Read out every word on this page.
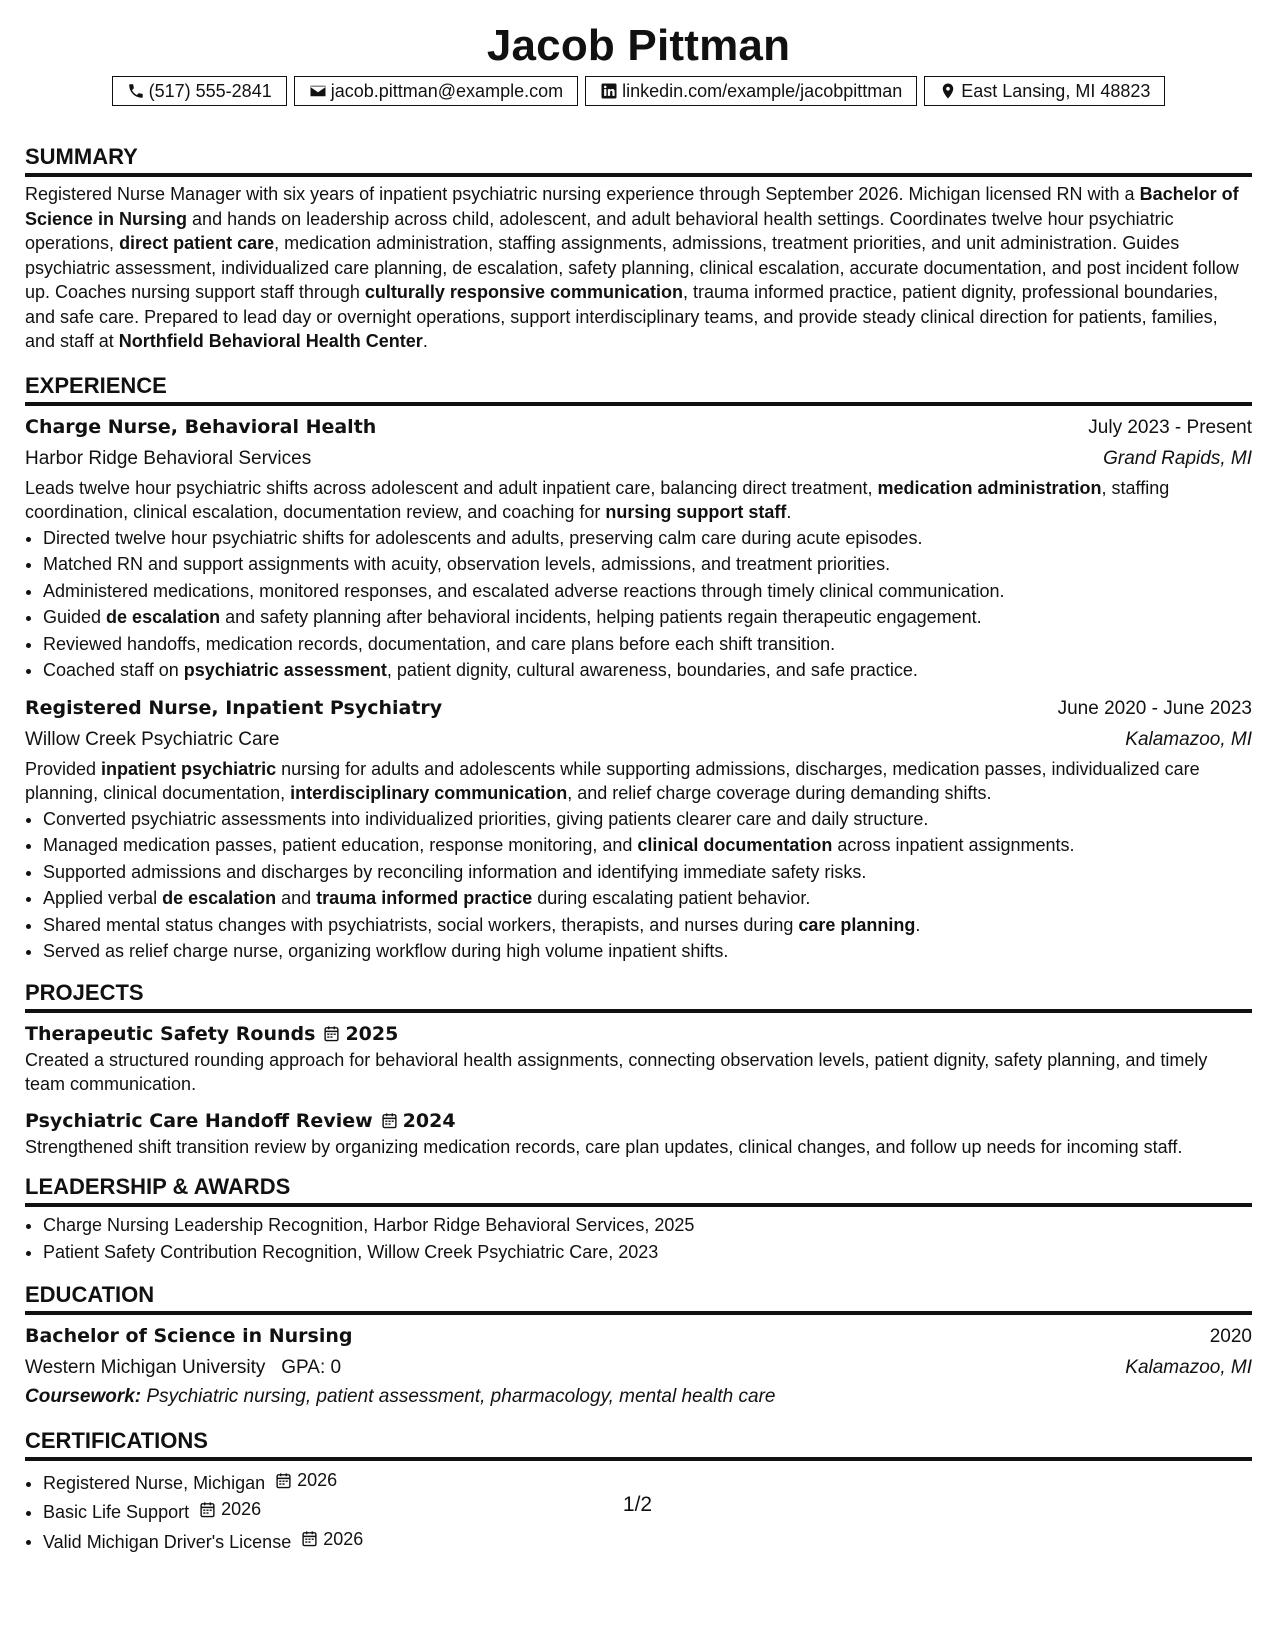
Jacob Pittman
(517) 555-2841	jacob.pittman@example.com	linkedin.com/example/jacobpittman	East Lansing, MI 48823
SUMMARY

Registered Nurse Manager with six years of inpatient psychiatric nursing experience through September 2026. Michigan licensed RN with a Bachelor of Science in Nursing and hands on leadership across child, adolescent, and adult behavioral health settings. Coordinates twelve hour psychiatric operations, direct patient care, medication administration, staffing assignments, admissions, treatment priorities, and unit administration. Guides psychiatric assessment, individualized care planning, de escalation, safety planning, clinical escalation, accurate documentation, and post incident follow up. Coaches nursing support staff through culturally responsive communication, trauma informed practice, patient dignity, professional boundaries, and safe care. Prepared to lead day or overnight operations, support interdisciplinary teams, and provide steady clinical direction for patients, families, and staff at Northfield Behavioral Health Center.

EXPERIENCE
Charge Nurse, Behavioral Health	July 2023 - Present
Harbor Ridge Behavioral Services	Grand Rapids, MI

Leads twelve hour psychiatric shifts across adolescent and adult inpatient care, balancing direct treatment, medication administration, staffing coordination, clinical escalation, documentation review, and coaching for nursing support staff.

• Directed twelve hour psychiatric shifts for adolescents and adults, preserving calm care during acute episodes.
• Matched RN and support assignments with acuity, observation levels, admissions, and treatment priorities.
• Administered medications, monitored responses, and escalated adverse reactions through timely clinical communication.
• Guided de escalation and safety planning after behavioral incidents, helping patients regain therapeutic engagement.
• Reviewed handoffs, medication records, documentation, and care plans before each shift transition.
• Coached staff on psychiatric assessment, patient dignity, cultural awareness, boundaries, and safe practice.
Registered Nurse, Inpatient Psychiatry	June 2020 - June 2023
Willow Creek Psychiatric Care	Kalamazoo, MI

Provided inpatient psychiatric nursing for adults and adolescents while supporting admissions, discharges, medication passes, individualized care planning, clinical documentation, interdisciplinary communication, and relief charge coverage during demanding shifts.

• Converted psychiatric assessments into individualized priorities, giving patients clearer care and daily structure.
• Managed medication passes, patient education, response monitoring, and clinical documentation across inpatient assignments.
• Supported admissions and discharges by reconciling information and identifying immediate safety risks.
• Applied verbal de escalation and trauma informed practice during escalating patient behavior.
• Shared mental status changes with psychiatrists, social workers, therapists, and nurses during care planning.
• Served as relief charge nurse, organizing workflow during high volume inpatient shifts.
PROJECTS
Therapeutic Safety Rounds 2025

Created a structured rounding approach for behavioral health assignments, connecting observation levels, patient dignity, safety planning, and timely team communication.

Psychiatric Care Handoff Review 2024

Strengthened shift transition review by organizing medication records, care plan updates, clinical changes, and follow up needs for incoming staff.

LEADERSHIP & AWARDS
• Charge Nursing Leadership Recognition, Harbor Ridge Behavioral Services, 2025
• Patient Safety Contribution Recognition, Willow Creek Psychiatric Care, 2023
EDUCATION
Bachelor of Science in Nursing	2020
Western Michigan University GPA: 0	Kalamazoo, MI
Coursework: Psychiatric nursing, patient assessment, pharmacology, mental health care
CERTIFICATIONS
• Registered Nurse, Michigan 2026
• Basic Life Support 2026
• Valid Michigan Driver's License 2026
1/2
